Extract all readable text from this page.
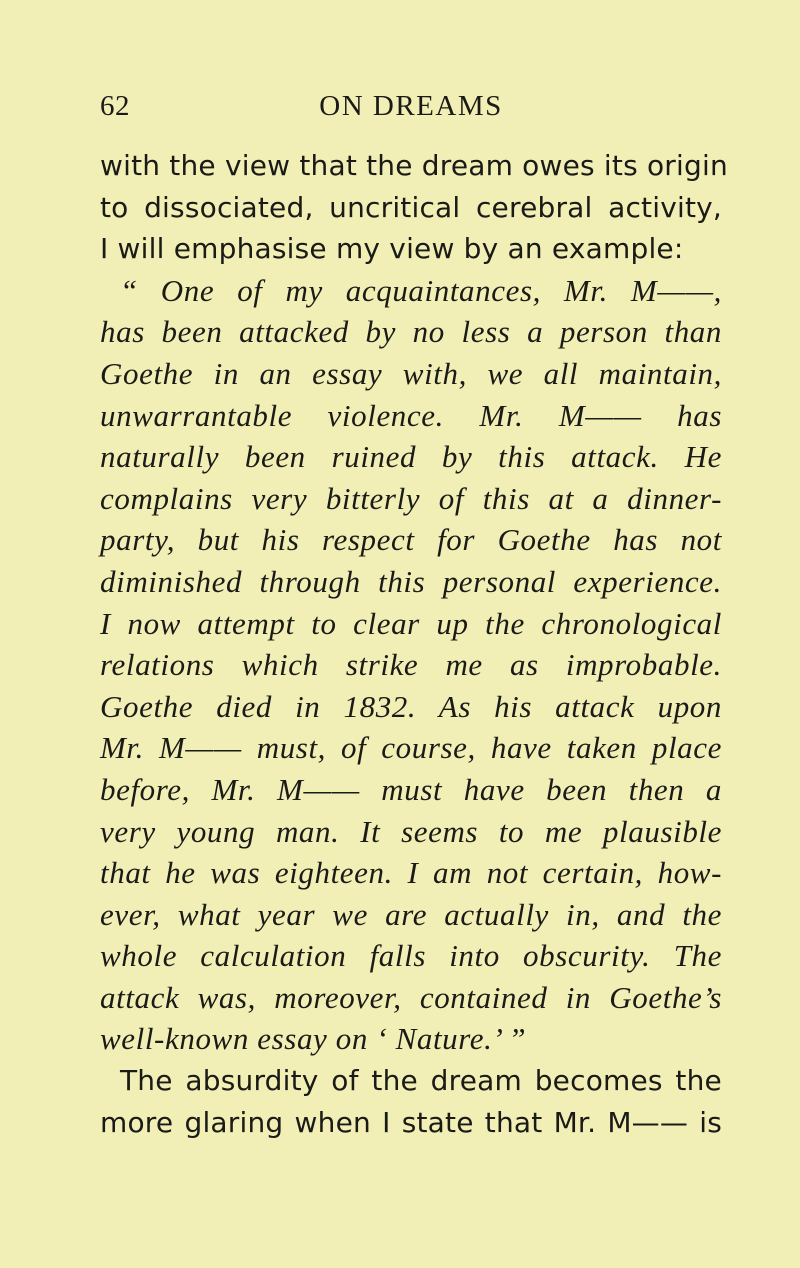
62	ON DREAMS
with the view that the dream owes its origin
to dissociated, uncritical cerebral activity,
I will emphasise my view by an example:
“ One of my acquaintances, Mr. M——,
has been attacked by no less a person than
Goethe in an essay with, we all maintain,
unwarrantable violence. Mr. M—— has
naturally been ruined by this attack. He
complains very bitterly of this at a dinner-
party, but his respect for Goethe has not
diminished through this personal experience.
I now attempt to clear up the chronological
relations which strike me as improbable.
Goethe died in 1832. As his attack upon
Mr. M—— must, of course, have taken place
before, Mr. M—— must have been then a
very young man. It seems to me plausible
that he was eighteen. I am not certain, how-
ever, what year we are actually in, and the
whole calculation falls into obscurity. The
attack was, moreover, contained in Goethe’s
well-known essay on ‘ Nature.’ ”
The absurdity of the dream becomes the
more glaring when I state that Mr. M—— is
